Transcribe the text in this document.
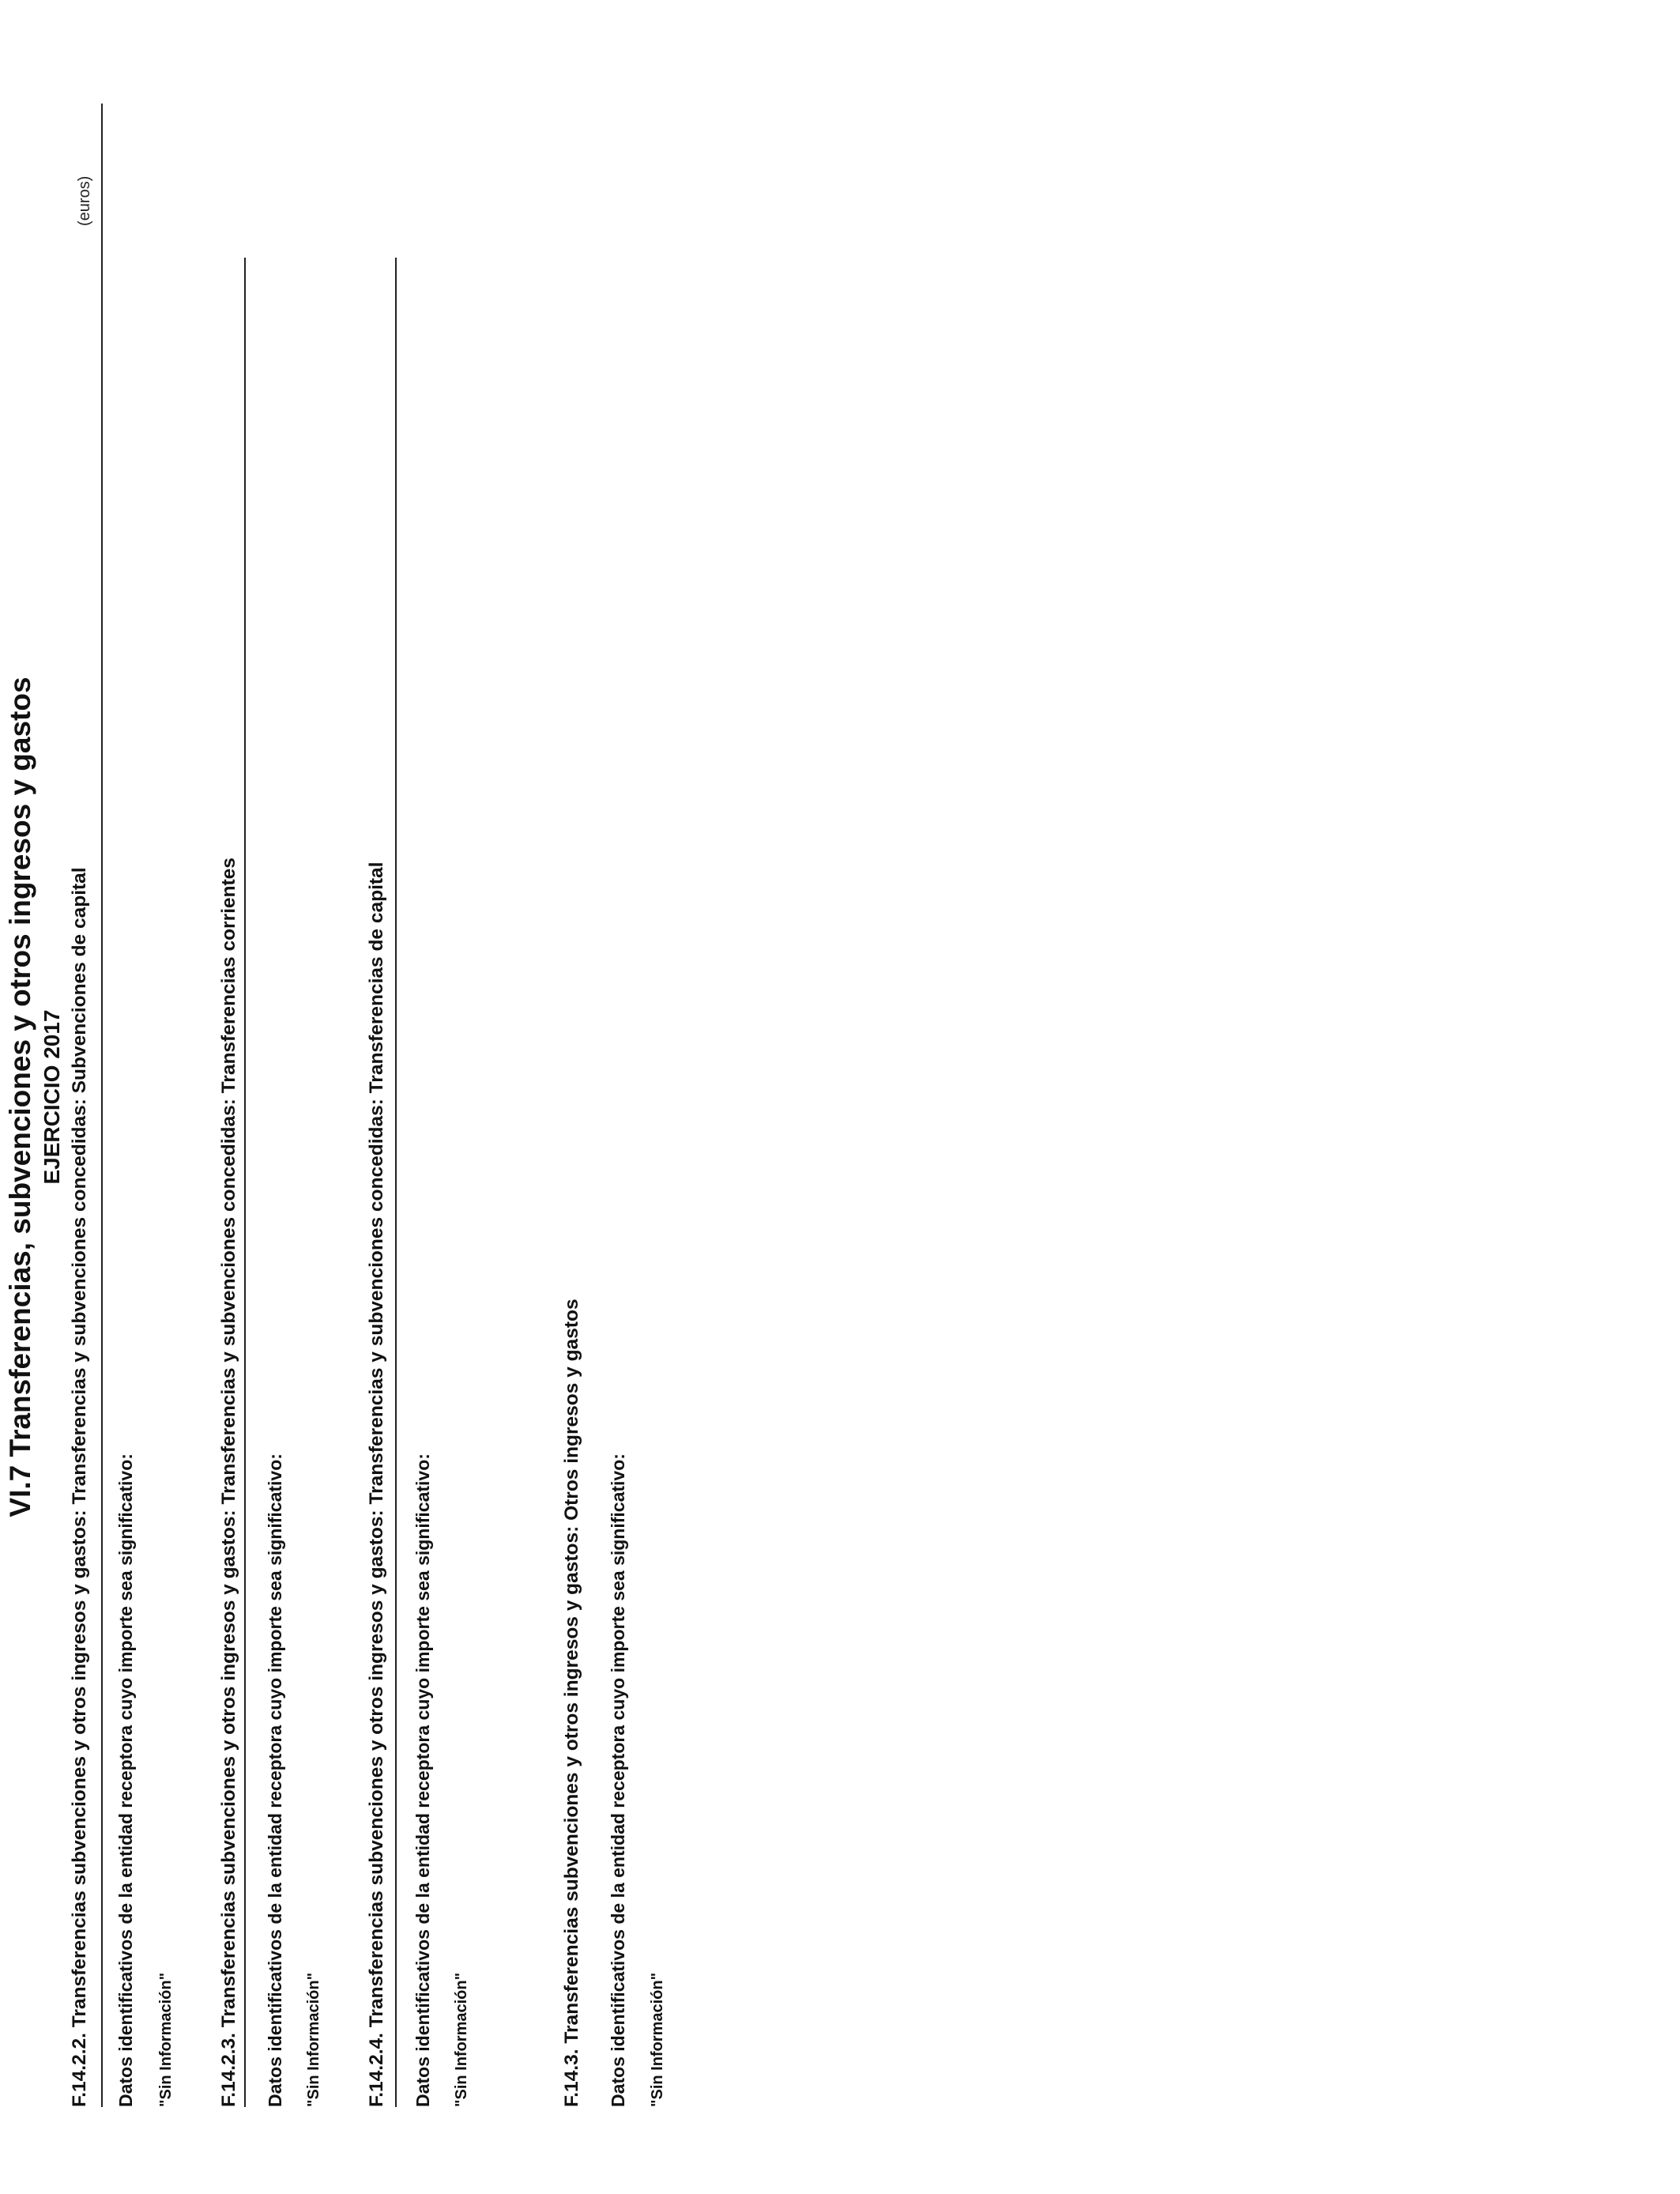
VI.7 Transferencias, subvenciones y otros ingresos y gastos EJERCICIO 2017
(euros)
F.14.2.2. Transferencias subvenciones y otros ingresos y gastos: Transferencias y subvenciones concedidas: Subvenciones de capital Datos identificativos de la entidad receptora cuyo importe sea significativo: "Sin Información" F.14.2.3. Transferencias subvenciones y otros ingresos y gastos: Transferencias y subvenciones concedidas: Transferencias corrientes Datos identificativos de la entidad receptora cuyo importe sea significativo: "Sin Información" F.14.2.4. Transferencias subvenciones y otros ingresos y gastos: Transferencias y subvenciones concedidas: Transferencias de capital Datos identificativos de la entidad receptora cuyo importe sea significativo: "Sin Información"	F.14.3. Transferencias subvenciones y otros ingresos y gastos: Otros ingresos y gastos Datos identificativos de la entidad receptora cuyo importe sea significativo: "Sin Información"
